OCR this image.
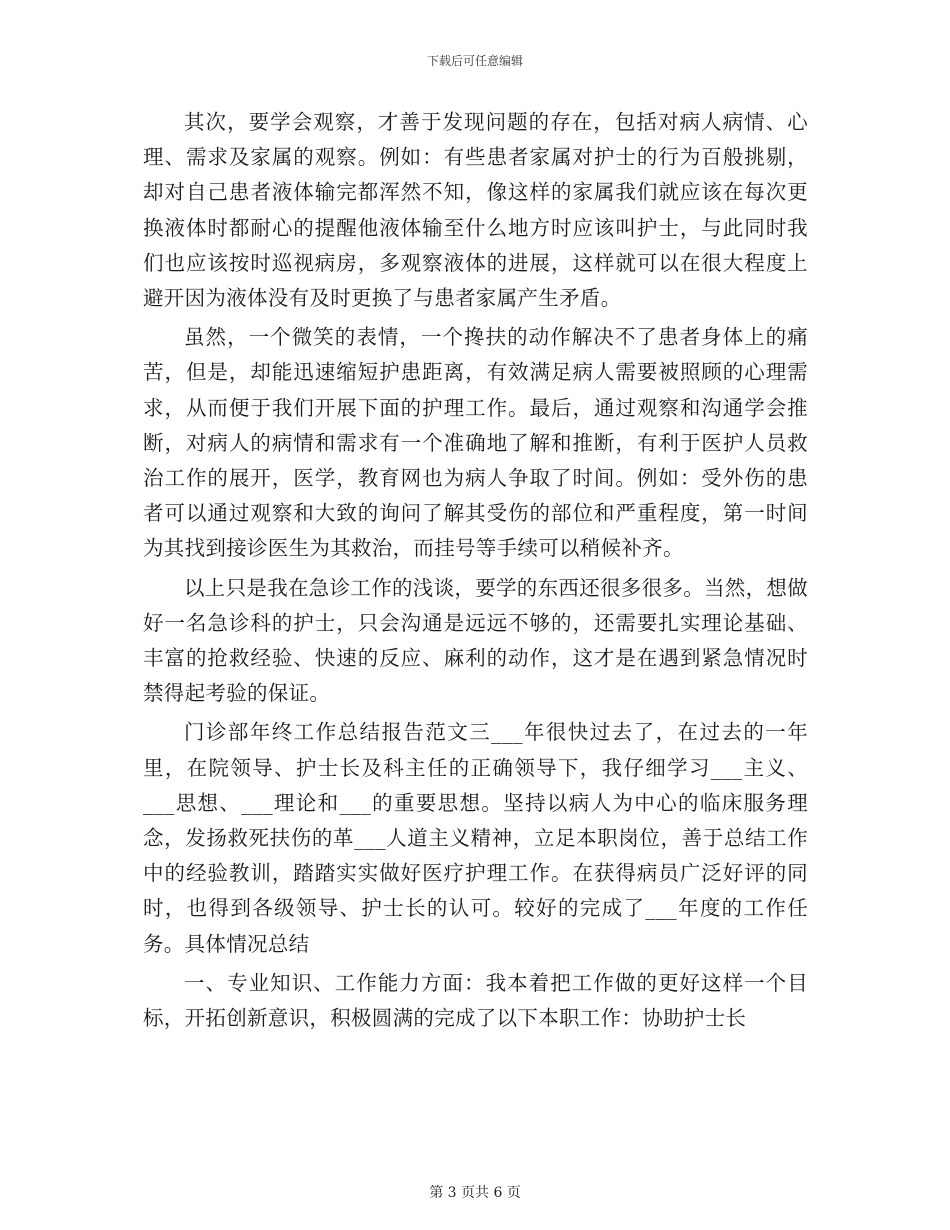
下载后可任意编辑

其次，要学会观察，才善于发现问题的存在，包括对病人病情、心理、需求及家属的观察。例如：有些患者家属对护士的行为百般挑剔，却对自己患者液体输完都浑然不知，像这样的家属我们就应该在每次更换液体时都耐心的提醒他液体输至什么地方时应该叫护士，与此同时我们也应该按时巡视病房，多观察液体的进展，这样就可以在很大程度上避开因为液体没有及时更换了与患者家属产生矛盾。

虽然，一个微笑的表情，一个搀扶的动作解决不了患者身体上的痛苦，但是，却能迅速缩短护患距离，有效满足病人需要被照顾的心理需求，从而便于我们开展下面的护理工作。最后，通过观察和沟通学会推断，对病人的病情和需求有一个准确地了解和推断，有利于医护人员救治工作的展开，医学，教育网也为病人争取了时间。例如：受外伤的患者可以通过观察和大致的询问了解其受伤的部位和严重程度，第一时间为其找到接诊医生为其救治，而挂号等手续可以稍候补齐。

以上只是我在急诊工作的浅谈，要学的东西还很多很多。当然，想做好一名急诊科的护士，只会沟通是远远不够的，还需要扎实理论基础、丰富的抢救经验、快速的反应、麻利的动作，这才是在遇到紧急情况时禁得起考验的保证。

门诊部年终工作总结报告范文三___年很快过去了，在过去的一年里，在院领导、护士长及科主任的正确领导下，我仔细学习___主义、___思想、___理论和___的重要思想。坚持以病人为中心的临床服务理念，发扬救死扶伤的革___人道主义精神，立足本职岗位，善于总结工作中的经验教训，踏踏实实做好医疗护理工作。在获得病员广泛好评的同时，也得到各级领导、护士长的认可。较好的完成了___年度的工作任务。具体情况总结

一、专业知识、工作能力方面：我本着把工作做的更好这样一个目标，开拓创新意识，积极圆满的完成了以下本职工作：协助护士长

第 3 页共 6 页
